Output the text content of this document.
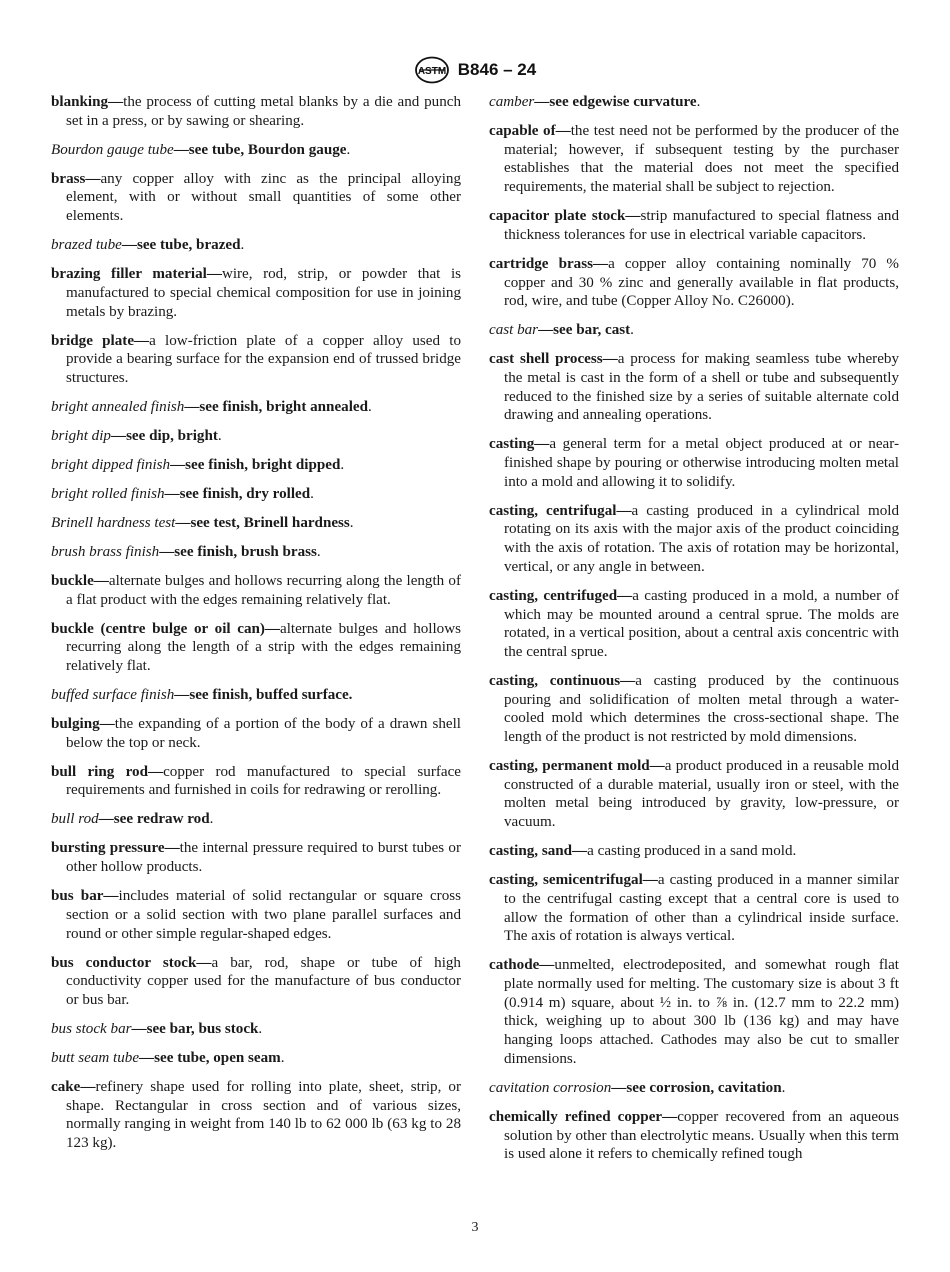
ASTM B846 – 24

blanking—the process of cutting metal blanks by a die and punch set in a press, or by sawing or shearing.

Bourdon gauge tube—see tube, Bourdon gauge.

brass—any copper alloy with zinc as the principal alloying element, with or without small quantities of some other elements.

brazed tube—see tube, brazed.

brazing filler material—wire, rod, strip, or powder that is manufactured to special chemical composition for use in joining metals by brazing.

bridge plate—a low-friction plate of a copper alloy used to provide a bearing surface for the expansion end of trussed bridge structures.

bright annealed finish—see finish, bright annealed.

bright dip—see dip, bright.

bright dipped finish—see finish, bright dipped.

bright rolled finish—see finish, dry rolled.

Brinell hardness test—see test, Brinell hardness.

brush brass finish—see finish, brush brass.

buckle—alternate bulges and hollows recurring along the length of a flat product with the edges remaining relatively flat.

buckle (centre bulge or oil can)—alternate bulges and hollows recurring along the length of a strip with the edges remaining relatively flat.

buffed surface finish—see finish, buffed surface.

bulging—the expanding of a portion of the body of a drawn shell below the top or neck.

bull ring rod—copper rod manufactured to special surface requirements and furnished in coils for redrawing or rerolling.

bull rod—see redraw rod.

bursting pressure—the internal pressure required to burst tubes or other hollow products.

bus bar—includes material of solid rectangular or square cross section or a solid section with two plane parallel surfaces and round or other simple regular-shaped edges.

bus conductor stock—a bar, rod, shape or tube of high conductivity copper used for the manufacture of bus conductor or bus bar.

bus stock bar—see bar, bus stock.

butt seam tube—see tube, open seam.

cake—refinery shape used for rolling into plate, sheet, strip, or shape. Rectangular in cross section and of various sizes, normally ranging in weight from 140 lb to 62 000 lb (63 kg to 28 123 kg).

camber—see edgewise curvature.

capable of—the test need not be performed by the producer of the material; however, if subsequent testing by the purchaser establishes that the material does not meet the specified requirements, the material shall be subject to rejection.

capacitor plate stock—strip manufactured to special flatness and thickness tolerances for use in electrical variable capacitors.

cartridge brass—a copper alloy containing nominally 70 % copper and 30 % zinc and generally available in flat products, rod, wire, and tube (Copper Alloy No. C26000).

cast bar—see bar, cast.

cast shell process—a process for making seamless tube whereby the metal is cast in the form of a shell or tube and subsequently reduced to the finished size by a series of suitable alternate cold drawing and annealing operations.

casting—a general term for a metal object produced at or near-finished shape by pouring or otherwise introducing molten metal into a mold and allowing it to solidify.

casting, centrifugal—a casting produced in a cylindrical mold rotating on its axis with the major axis of the product coinciding with the axis of rotation. The axis of rotation may be horizontal, vertical, or any angle in between.

casting, centrifuged—a casting produced in a mold, a number of which may be mounted around a central sprue. The molds are rotated, in a vertical position, about a central axis concentric with the central sprue.

casting, continuous—a casting produced by the continuous pouring and solidification of molten metal through a water-cooled mold which determines the cross-sectional shape. The length of the product is not restricted by mold dimensions.

casting, permanent mold—a product produced in a reusable mold constructed of a durable material, usually iron or steel, with the molten metal being introduced by gravity, low-pressure, or vacuum.

casting, sand—a casting produced in a sand mold.

casting, semicentrifugal—a casting produced in a manner similar to the centrifugal casting except that a central core is used to allow the formation of other than a cylindrical inside surface. The axis of rotation is always vertical.

cathode—unmelted, electrodeposited, and somewhat rough flat plate normally used for melting. The customary size is about 3 ft (0.914 m) square, about ½ in. to ⅞ in. (12.7 mm to 22.2 mm) thick, weighing up to about 300 lb (136 kg) and may have hanging loops attached. Cathodes may also be cut to smaller dimensions.

cavitation corrosion—see corrosion, cavitation.

chemically refined copper—copper recovered from an aqueous solution by other than electrolytic means. Usually when this term is used alone it refers to chemically refined tough

3
